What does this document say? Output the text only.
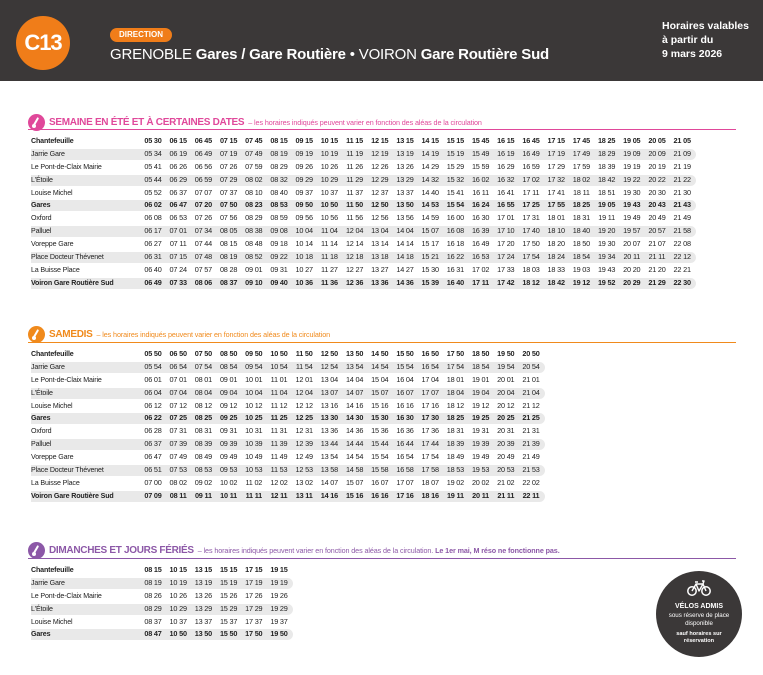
C13	DIRECTION
GRENOBLE Gares / Gare Routière • VOIRON Gare Routière Sud
Horaires valables
à partir du
9 mars 2026
SEMAINE EN ÉTÉ ET À CERTAINES DATES – les horaires indiqués peuvent varier en fonction des aléas de la circulation
Chantefeuille	05 30	06 15	06 45	07 15	07 45	08 15	09 15	10 15	11 15	12 15	13 15	14 15	15 15	15 45	16 15	16 45	17 15	17 45	18 25	19 05	20 05	21 05
Jarrie Gare	05 34	06 19	06 49	07 19	07 49	08 19	09 19	10 19	11 19	12 19	13 19	14 19	15 19	15 49	16 19	16 49	17 19	17 49	18 29	19 09	20 09	21 09
Le Pont-de-Claix Mairie	05 41	06 26	06 56	07 26	07 59	08 29	09 26	10 26	11 26	12 26	13 26	14 29	15 29	15 59	16 29	16 59	17 29	17 59	18 39	19 19	20 19	21 19
L'Étoile	05 44	06 29	06 59	07 29	08 02	08 32	09 29	10 29	11 29	12 29	13 29	14 32	15 32	16 02	16 32	17 02	17 32	18 02	18 42	19 22	20 22	21 22
Louise Michel	05 52	06 37	07 07	07 37	08 10	08 40	09 37	10 37	11 37	12 37	13 37	14 40	15 41	16 11	16 41	17 11	17 41	18 11	18 51	19 30	20 30	21 30
Gares	06 02	06 47	07 20	07 50	08 23	08 53	09 50	10 50	11 50	12 50	13 50	14 53	15 54	16 24	16 55	17 25	17 55	18 25	19 05	19 43	20 43	21 43
Oxford	06 08	06 53	07 26	07 56	08 29	08 59	09 56	10 56	11 56	12 56	13 56	14 59	16 00	16 30	17 01	17 31	18 01	18 31	19 11	19 49	20 49	21 49
Palluel	06 17	07 01	07 34	08 05	08 38	09 08	10 04	11 04	12 04	13 04	14 04	15 07	16 08	16 39	17 10	17 40	18 10	18 40	19 20	19 57	20 57	21 58
Voreppe Gare	06 27	07 11	07 44	08 15	08 48	09 18	10 14	11 14	12 14	13 14	14 14	15 17	16 18	16 49	17 20	17 50	18 20	18 50	19 30	20 07	21 07	22 08
Place Docteur Thévenet	06 31	07 15	07 48	08 19	08 52	09 22	10 18	11 18	12 18	13 18	14 18	15 21	16 22	16 53	17 24	17 54	18 24	18 54	19 34	20 11	21 11	22 12
La Buisse Place	06 40	07 24	07 57	08 28	09 01	09 31	10 27	11 27	12 27	13 27	14 27	15 30	16 31	17 02	17 33	18 03	18 33	19 03	19 43	20 20	21 20	22 21
Voiron Gare Routière Sud	06 49	07 33	08 06	08 37	09 10	09 40	10 36	11 36	12 36	13 36	14 36	15 39	16 40	17 11	17 42	18 12	18 42	19 12	19 52	20 29	21 29	22 30
SAMEDIS – les horaires indiqués peuvent varier en fonction des aléas de la circulation
Chantefeuille	05 50	06 50	07 50	08 50	09 50	10 50	11 50	12 50	13 50	14 50	15 50	16 50	17 50	18 50	19 50	20 50
Jarrie Gare	05 54	06 54	07 54	08 54	09 54	10 54	11 54	12 54	13 54	14 54	15 54	16 54	17 54	18 54	19 54	20 54
Le Pont-de-Claix Mairie	06 01	07 01	08 01	09 01	10 01	11 01	12 01	13 04	14 04	15 04	16 04	17 04	18 01	19 01	20 01	21 01
L'Étoile	06 04	07 04	08 04	09 04	10 04	11 04	12 04	13 07	14 07	15 07	16 07	17 07	18 04	19 04	20 04	21 04
Louise Michel	06 12	07 12	08 12	09 12	10 12	11 12	12 12	13 16	14 16	15 16	16 16	17 16	18 12	19 12	20 12	21 12
Gares	06 22	07 25	08 25	09 25	10 25	11 25	12 25	13 30	14 30	15 30	16 30	17 30	18 25	19 25	20 25	21 25
Oxford	06 28	07 31	08 31	09 31	10 31	11 31	12 31	13 36	14 36	15 36	16 36	17 36	18 31	19 31	20 31	21 31
Palluel	06 37	07 39	08 39	09 39	10 39	11 39	12 39	13 44	14 44	15 44	16 44	17 44	18 39	19 39	20 39	21 39
Voreppe Gare	06 47	07 49	08 49	09 49	10 49	11 49	12 49	13 54	14 54	15 54	16 54	17 54	18 49	19 49	20 49	21 49
Place Docteur Thévenet	06 51	07 53	08 53	09 53	10 53	11 53	12 53	13 58	14 58	15 58	16 58	17 58	18 53	19 53	20 53	21 53
La Buisse Place	07 00	08 02	09 02	10 02	11 02	12 02	13 02	14 07	15 07	16 07	17 07	18 07	19 02	20 02	21 02	22 02
Voiron Gare Routière Sud	07 09	08 11	09 11	10 11	11 11	12 11	13 11	14 16	15 16	16 16	17 16	18 16	19 11	20 11	21 11	22 11
DIMANCHES ET JOURS FÉRIÉS – les horaires indiqués peuvent varier en fonction des aléas de la circulation. Le 1er mai, M réso ne fonctionne pas.
Chantefeuille	08 15	10 15	13 15	15 15	17 15	19 15
Jarrie Gare	08 19	10 19	13 19	15 19	17 19	19 19
Le Pont-de-Claix Mairie	08 26	10 26	13 26	15 26	17 26	19 26
L'Étoile	08 29	10 29	13 29	15 29	17 29	19 29
Louise Michel	08 37	10 37	13 37	15 37	17 37	19 37
Gares	08 47	10 50	13 50	15 50	17 50	19 50
VÉLOS ADMIS
sous réserve de place disponible
sauf horaires sur réservation
